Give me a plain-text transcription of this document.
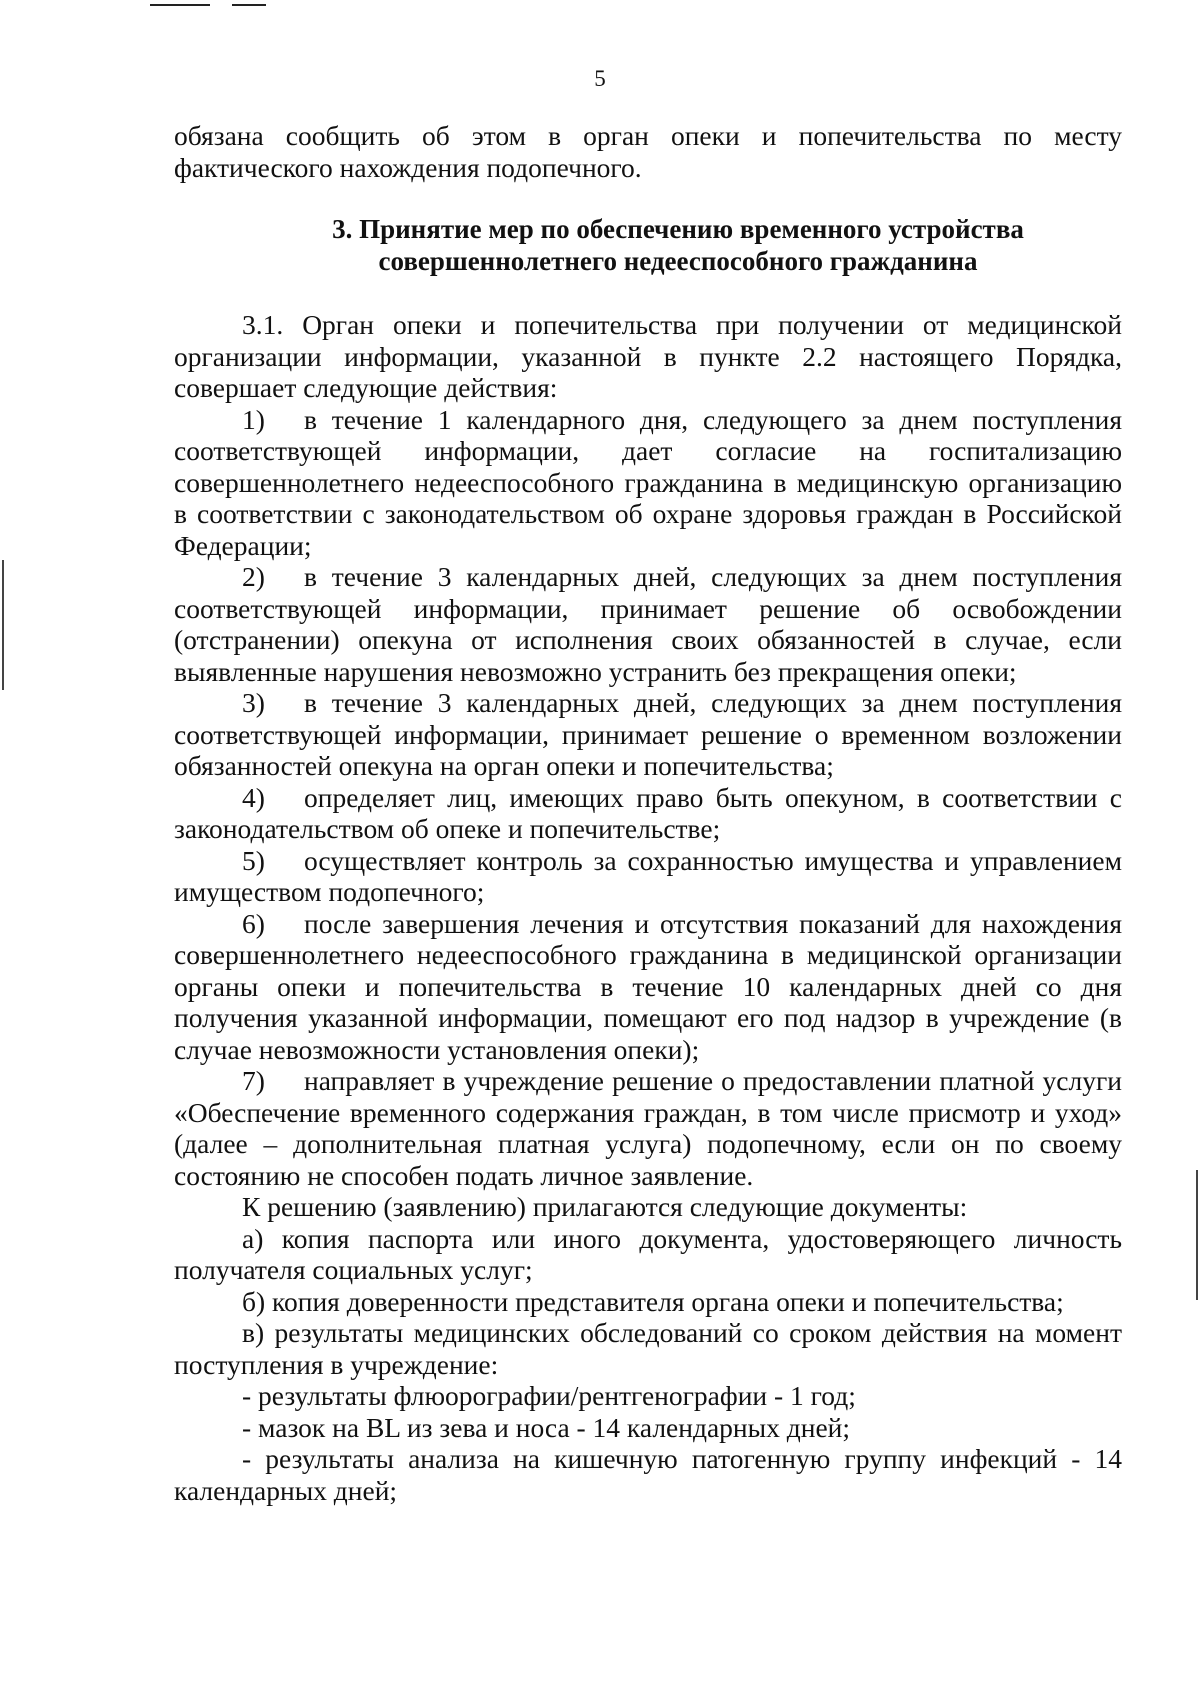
5

обязана сообщить об этом в орган опеки и попечительства по месту фактического нахождения подопечного.

3. Принятие мер по обеспечению временного устройства
совершеннолетнего недееспособного гражданина

3.1. Орган опеки и попечительства при получении от медицинской организации информации, указанной в пункте 2.2 настоящего Порядка, совершает следующие действия:

1) в течение 1 календарного дня, следующего за днем поступления соответствующей информации, дает согласие на госпитализацию совершеннолетнего недееспособного гражданина в медицинскую организацию в соответствии с законодательством об охране здоровья граждан в Российской Федерации;

2) в течение 3 календарных дней, следующих за днем поступления соответствующей информации, принимает решение об освобождении (отстранении) опекуна от исполнения своих обязанностей в случае, если выявленные нарушения невозможно устранить без прекращения опеки;

3) в течение 3 календарных дней, следующих за днем поступления соответствующей информации, принимает решение о временном возложении обязанностей опекуна на орган опеки и попечительства;

4) определяет лиц, имеющих право быть опекуном, в соответствии с законодательством об опеке и попечительстве;

5) осуществляет контроль за сохранностью имущества и управлением имуществом подопечного;

6) после завершения лечения и отсутствия показаний для нахождения совершеннолетнего недееспособного гражданина в медицинской организации органы опеки и попечительства в течение 10 календарных дней со дня получения указанной информации, помещают его под надзор в учреждение (в случае невозможности установления опеки);

7) направляет в учреждение решение о предоставлении платной услуги «Обеспечение временного содержания граждан, в том числе присмотр и уход» (далее – дополнительная платная услуга) подопечному, если он по своему состоянию не способен подать личное заявление.

К решению (заявлению) прилагаются следующие документы:

а) копия паспорта или иного документа, удостоверяющего личность получателя социальных услуг;

б) копия доверенности представителя органа опеки и попечительства;

в) результаты медицинских обследований со сроком действия на момент поступления в учреждение:

- результаты флюорографии/рентгенографии - 1 год;

- мазок на BL из зева и носа - 14 календарных дней;

- результаты анализа на кишечную патогенную группу инфекций - 14 календарных дней;
